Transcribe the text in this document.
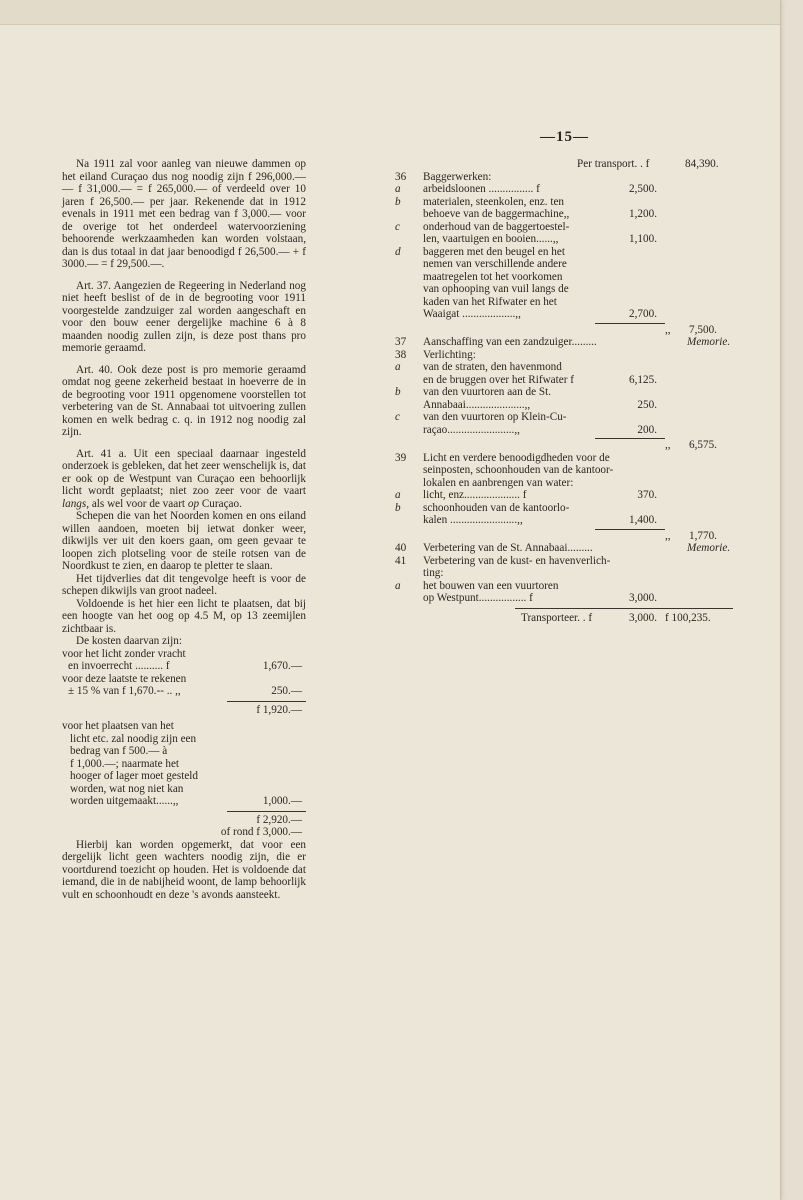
—15—

Na 1911 zal voor aanleg van nieuwe dammen op het eiland Curaçao dus nog noodig zijn f 296,000.— — f 31,000.— = f 265,000.— of verdeeld over 10 jaren f 26,500.— per jaar. Rekenende dat in 1912 evenals in 1911 met een bedrag van f 3,000.— voor de overige tot het onderdeel watervoorziening behoorende werkzaamheden kan worden volstaan, dan is dus totaal in dat jaar benoodigd f 26,500.— + f 3000.— = f 29,500.—.

Art. 37. Aangezien de Regeering in Nederland nog niet heeft beslist of de in de begrooting voor 1911 voorgestelde zandzuiger zal worden aangeschaft en voor den bouw eener dergelijke machine 6 à 8 maanden noodig zullen zijn, is deze post thans pro memorie geraamd.

Art. 40. Ook deze post is pro memorie geraamd omdat nog geene zekerheid bestaat in hoeverre de in de begrooting voor 1911 opgenomene voorstellen tot verbetering van de St. Annabaai tot uitvoering zullen komen en welk bedrag c. q. in 1912 nog noodig zal zijn.

Art. 41 a. Uit een speciaal daarnaar ingesteld onderzoek is gebleken, dat het zeer wenschelijk is, dat er ook op de Westpunt van Curaçao een behoorlijk licht wordt geplaatst; niet zoo zeer voor de vaart langs, als wel voor de vaart op Curaçao.

Schepen die van het Noorden komen en ons eiland willen aandoen, moeten bij ietwat donker weer, dikwijls ver uit den koers gaan, om geen gevaar te loopen zich plotseling voor de steile rotsen van de Noordkust te zien, en daarop te pletter te slaan.

Het tijdverlies dat dit tengevolge heeft is voor de schepen dikwijls van groot nadeel.

Voldoende is het hier een licht te plaatsen, dat bij een hoogte van het oog op 4.5 M, op 13 zeemijlen zichtbaar is.

De kosten daarvan zijn:

voor het licht zonder vracht
en invoerrecht .......... f	1,670.—
voor deze laatste te rekenen
± 15 % van f 1,670.-- .. ,,	250.—
f 1,920.—
voor het plaatsen van het
licht etc. zal noodig zijn een
bedrag van f 500.— à
f 1,000.—; naarmate het
hooger of lager moet gesteld
worden, wat nog niet kan
worden uitgemaakt......,,	1,000.—
f 2,920.—
of rond f 3,000.—

Hierbij kan worden opgemerkt, dat voor een dergelijk licht geen wachters noodig zijn, die er voortdurend toezicht op houden. Het is voldoende dat iemand, die in de nabijheid woont, de lamp behoorlijk vult en schoonhoudt en deze 's avonds aansteekt.

Per transport. . f	84,390.
36 Baggerwerken:
a arbeidsloonen ................ f	2,500.
b materialen, steenkolen, enz. ten
behoeve van de baggermachine,,	1,200.
c onderhoud van de baggertoestel-
len, vaartuigen en booien......,,	1,100.
d baggeren met den beugel en het
nemen van verschillende andere
maatregelen tot het voorkomen
van ophooping van vuil langs de
kaden van het Rifwater en het
Waaigat ...................,,	2,700.
,, 7,500.
37 Aanschaffing van een zandzuiger.........	Memorie.
38 Verlichting:
a van de straten, den havenmond
en de bruggen over het Rifwater f	6,125.
b van den vuurtoren aan de St.
Annabaai.....................,,	250.
c van den vuurtoren op Klein-Cu-
raçao........................,,	200.
,, 6,575.
39 Licht en verdere benoodigdheden voor de
seinposten, schoonhouden van de kantoor-
lokalen en aanbrengen van water:
a licht, enz.................... f	370.
b schoonhouden van de kantoorlo-
kalen ........................,,	1,400.
,, 1,770.
40 Verbetering van de St. Annabaai.........	Memorie.
41 Verbetering van de kust- en havenverlich-
ting:
a het bouwen van een vuurtoren
op Westpunt................. f	3,000.
Transporteer. . f	3,000. f 100,235.
